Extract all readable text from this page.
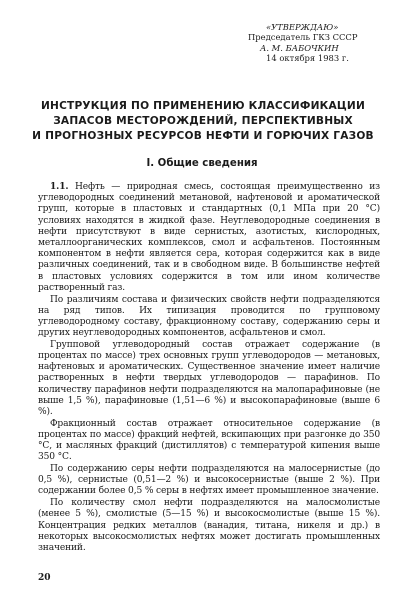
«УТВЕРЖДАЮ»
Председатель ГКЗ СССР
А. М. БАБОЧКИН
14 октября 1983 г.
ИНСТРУКЦИЯ ПО ПРИМЕНЕНИЮ КЛАССИФИКАЦИИ
ЗАПАСОВ МЕСТОРОЖДЕНИЙ, ПЕРСПЕКТИВНЫХ
И ПРОГНОЗНЫХ РЕСУРСОВ НЕФТИ И ГОРЮЧИХ ГАЗОВ
I. Общие сведения

1.1. Нефть — природная смесь, состоящая преимущественно из углеводородных соединений метановой, нафтеновой и ароматической групп, которые в пластовых и стандартных (0,1 МПа при 20 °С) условиях находятся в жидкой фазе. Неуглеводородные соединения в нефти присутствуют в виде сернистых, азотистых, кислородных, металлоорганических комплексов, смол и асфальтенов. Постоянным компонентом в нефти является сера, которая содержится как в виде различных соединений, так и в свободном виде. В большинстве нефтей в пластовых условиях содержится в том или ином количестве растворенный газ.

По различиям состава и физических свойств нефти подразделяются на ряд типов. Их типизация проводится по групповому углеводородному составу, фракционному составу, содержанию серы и других неуглеводородных компонентов, асфальтенов и смол.

Групповой углеводородный состав отражает содержание (в процентах по массе) трех основных групп углеводородов — метановых, нафтеновых и ароматических. Существенное значение имеет наличие растворенных в нефти твердых углеводородов — парафинов. По количеству парафинов нефти подразделяются на малопарафиновые (не выше 1,5 %), парафиновые (1,51—6 %) и высокопарафиновые (выше 6 %).

Фракционный состав отражает относительное содержание (в процентах по массе) фракций нефтей, вскипающих при разгонке до 350 °С, и масляных фракций (дистиллятов) с температурой кипения выше 350 °С.

По содержанию серы нефти подразделяются на малосернистые (до 0,5 %), сернистые (0,51—2 %) и высокосернистые (выше 2 %). При содержании более 0,5 % серы в нефтях имеет промышленное значение.

По количеству смол нефти подразделяются на малосмолистые (менее 5 %), смолистые (5—15 %) и высокосмолистые (выше 15 %). Концентрация редких металлов (ванадия, титана, никеля и др.) в некоторых высокосмолистых нефтях может достигать промышленных значений.

20
